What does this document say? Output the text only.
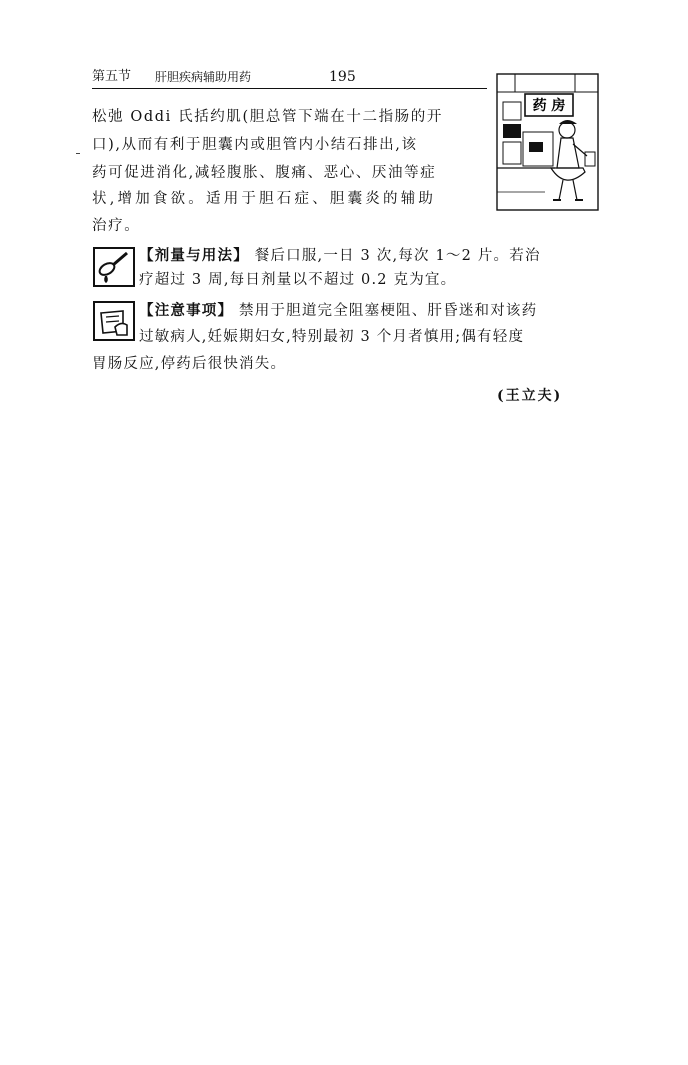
第五节 肝胆疾病辅助用药	195
药 房
松弛 Oddi 氏括约肌(胆总管下端在十二指肠的开
口),从而有利于胆囊内或胆管内小结石排出,该
药可促进消化,减轻腹胀、腹痛、恶心、厌油等症
状,增加食欲。适用于胆石症、胆囊炎的辅助
治疗。
【剂量与用法】 餐后口服,一日 3 次,每次 1～2 片。若治
疗超过 3 周,每日剂量以不超过 0.2 克为宜。
【注意事项】 禁用于胆道完全阻塞梗阻、肝昏迷和对该药
过敏病人,妊娠期妇女,特别最初 3 个月者慎用;偶有轻度
胃肠反应,停药后很快消失。
(王立夫)
